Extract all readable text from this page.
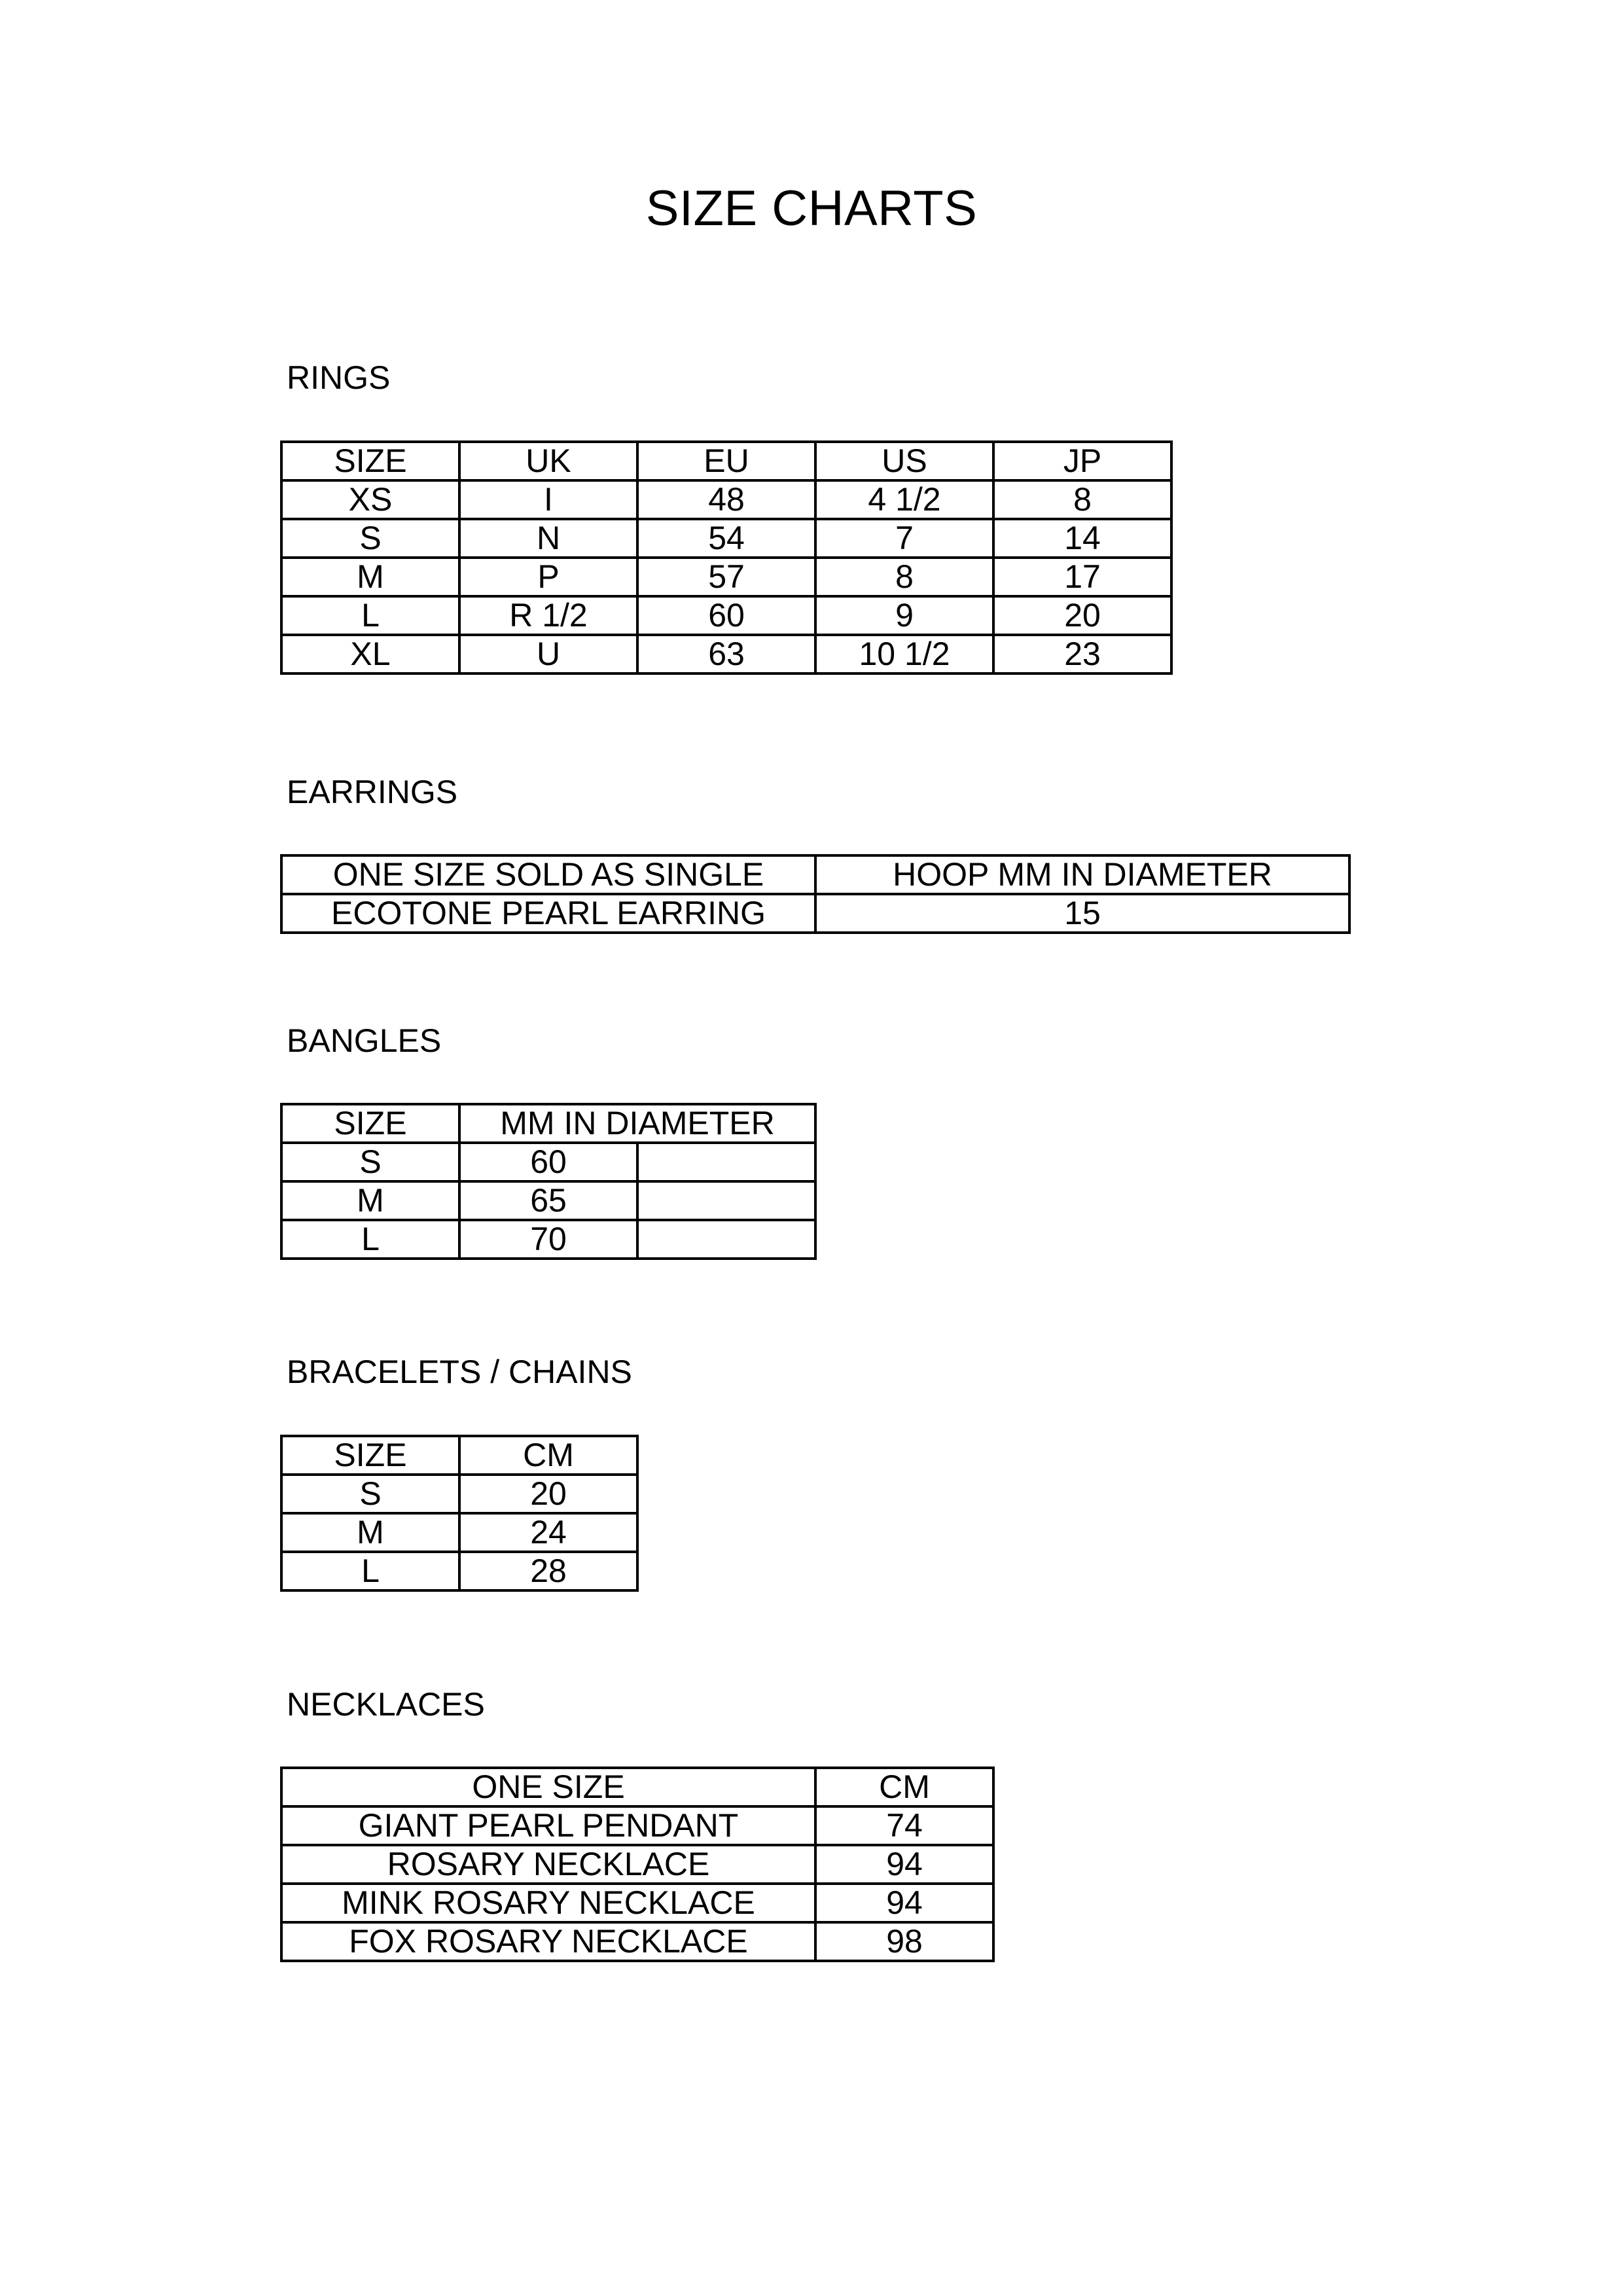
SIZE CHARTS
RINGS
SIZE	UK	EU	US	JP
XS	I	48	4 1/2	8
S	N	54	7	14
M	P	57	8	17
L	R 1/2	60	9	20
XL	U	63	10 1/2	23
EARRINGS
ONE SIZE SOLD AS SINGLE	HOOP MM IN DIAMETER
ECOTONE PEARL EARRING	15
BANGLES
SIZE	MM IN DIAMETER	
S	60	
M	65	
L	70	
BRACELETS / CHAINS
SIZE	CM
S	20
M	24
L	28
NECKLACES
ONE SIZE	CM
GIANT PEARL PENDANT	74
ROSARY NECKLACE	94
MINK ROSARY NECKLACE	94
FOX ROSARY NECKLACE	98
